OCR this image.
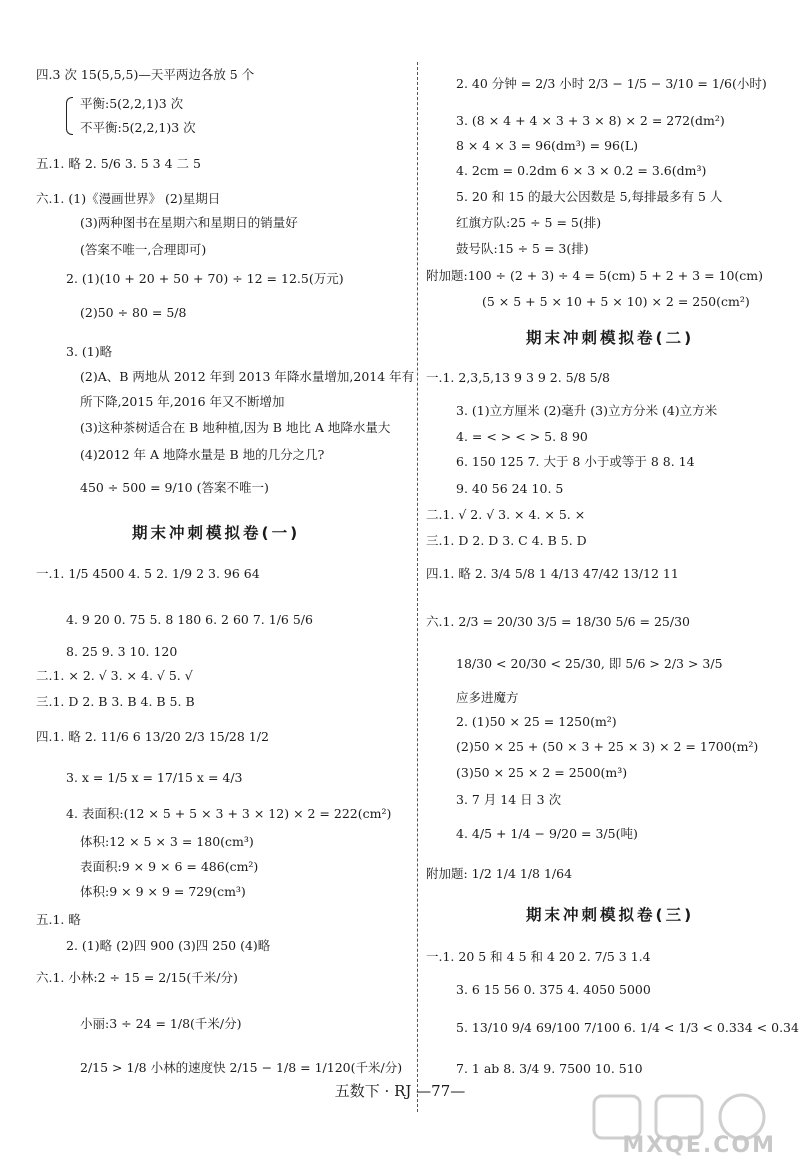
四.3 次 15(5,5,5)—天平两边各放 5 个
平衡:5(2,2,1)3 次
不平衡:5(2,2,1)3 次
五.1. 略 2. 5/6 3. 5 3 4 二 5
六.1. (1)《漫画世界》 (2)星期日
(3)两种图书在星期六和星期日的销量好
(答案不唯一,合理即可)
2. (1)(10 + 20 + 50 + 70) ÷ 12 = 12.5(万元)
(2)50 ÷ 80 = 5/8
3. (1)略
(2)A、B 两地从 2012 年到 2013 年降水量增加,2014 年有
所下降,2015 年,2016 年又不断增加
(3)这种茶树适合在 B 地种植,因为 B 地比 A 地降水量大
(4)2012 年 A 地降水量是 B 地的几分之几?
450 ÷ 500 = 9/10 (答案不唯一)
一.1. 1/5 4500 4. 5 2. 1/9 2 3. 96 64
4. 9 20 0. 75 5. 8 180 6. 2 60 7. 1/6 5/6
8. 25 9. 3 10. 120
二.1. × 2. √ 3. × 4. √ 5. √
三.1. D 2. B 3. B 4. B 5. B
四.1. 略 2. 11/6 6 13/20 2/3 15/28 1/2
3. x = 1/5 x = 17/15 x = 4/3
4. 表面积:(12 × 5 + 5 × 3 + 3 × 12) × 2 = 222(cm²)
体积:12 × 5 × 3 = 180(cm³)
表面积:9 × 9 × 6 = 486(cm²)
体积:9 × 9 × 9 = 729(cm³)
五.1. 略
2. (1)略 (2)四 900 (3)四 250 (4)略
六.1. 小林:2 ÷ 15 = 2/15(千米/分)
小丽:3 ÷ 24 = 1/8(千米/分)
2/15 > 1/8 小林的速度快 2/15 − 1/8 = 1/120(千米/分)
2. 40 分钟 = 2/3 小时 2/3 − 1/5 − 3/10 = 1/6(小时)
3. (8 × 4 + 4 × 3 + 3 × 8) × 2 = 272(dm²)
8 × 4 × 3 = 96(dm³) = 96(L)
4. 2cm = 0.2dm 6 × 3 × 0.2 = 3.6(dm³)
5. 20 和 15 的最大公因数是 5,每排最多有 5 人
红旗方队:25 ÷ 5 = 5(排)
鼓号队:15 ÷ 5 = 3(排)
附加题:100 ÷ (2 + 3) ÷ 4 = 5(cm) 5 + 2 + 3 = 10(cm)
(5 × 5 + 5 × 10 + 5 × 10) × 2 = 250(cm²)
一.1. 2,3,5,13 9 3 9 2. 5/8 5/8
3. (1)立方厘米 (2)毫升 (3)立方分米 (4)立方米
4. = < > < > 5. 8 90
6. 150 125 7. 大于 8 小于或等于 8 8. 14
9. 40 56 24 10. 5
二.1. √ 2. √ 3. × 4. × 5. ×
三.1. D 2. D 3. C 4. B 5. D
四.1. 略 2. 3/4 5/8 1 4/13 47/42 13/12 11
六.1. 2/3 = 20/30 3/5 = 18/30 5/6 = 25/30
18/30 < 20/30 < 25/30, 即 5/6 > 2/3 > 3/5
应多进魔方
2. (1)50 × 25 = 1250(m²)
(2)50 × 25 + (50 × 3 + 25 × 3) × 2 = 1700(m²)
(3)50 × 25 × 2 = 2500(m³)
3. 7 月 14 日 3 次
4. 4/5 + 1/4 − 9/20 = 3/5(吨)
附加题: 1/2 1/4 1/8 1/64
一.1. 20 5 和 4 5 和 4 20 2. 7/5 3 1.4
3. 6 15 56 0. 375 4. 4050 5000
5. 13/10 9/4 69/100 7/100 6. 1/4 < 1/3 < 0.334 < 0.34
7. 1 ab 8. 3/4 9. 7500 10. 510
期末冲刺模拟卷(一)
期末冲刺模拟卷(二)
期末冲刺模拟卷(三)
五数下 · RJ —77—
MXQE.COM
